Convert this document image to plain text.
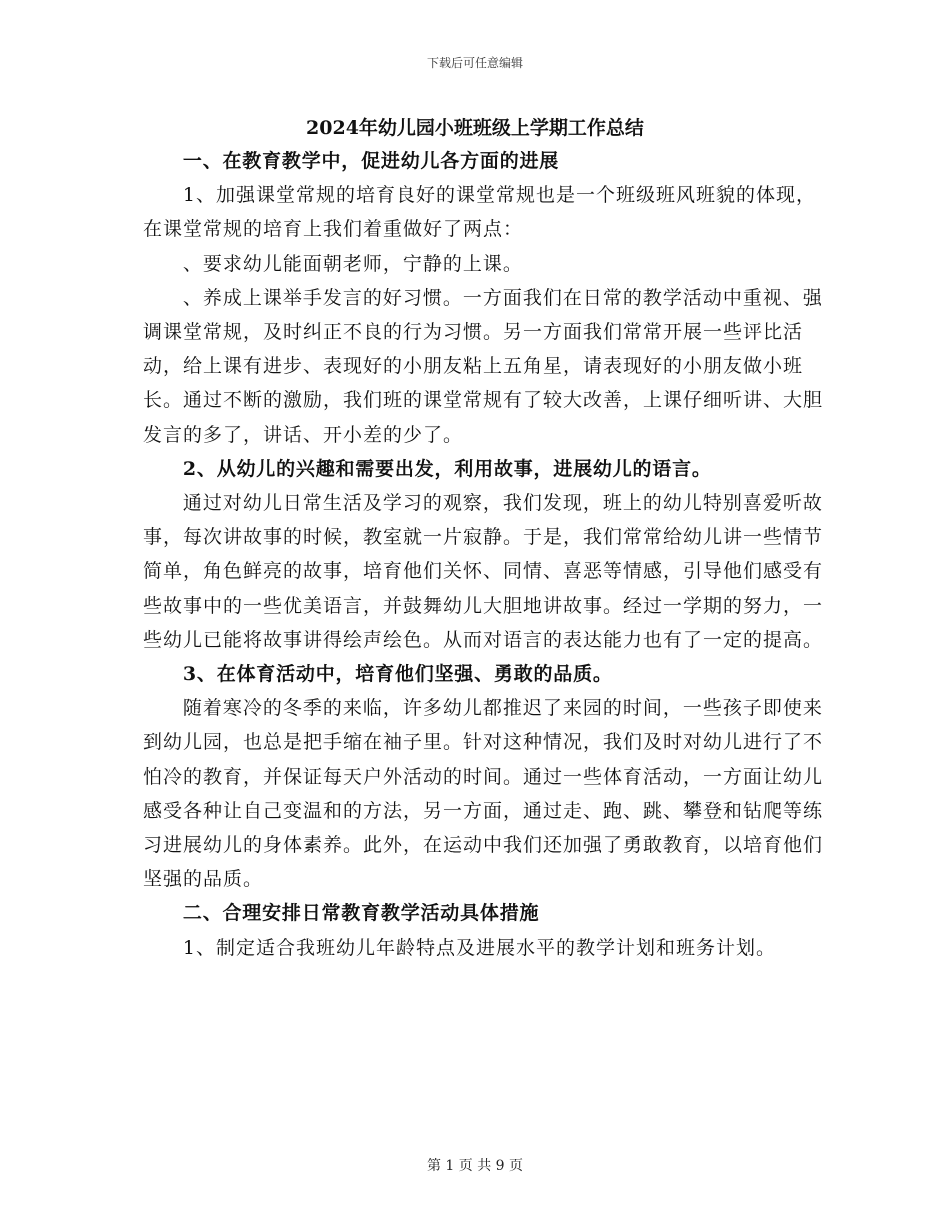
下载后可任意编辑
2024年幼儿园小班班级上学期工作总结

一、在教育教学中，促进幼儿各方面的进展

1、加强课堂常规的培育良好的课堂常规也是一个班级班风班貌的体现，在课堂常规的培育上我们着重做好了两点：

、要求幼儿能面朝老师，宁静的上课。

、养成上课举手发言的好习惯。一方面我们在日常的教学活动中重视、强调课堂常规，及时纠正不良的行为习惯。另一方面我们常常开展一些评比活动，给上课有进步、表现好的小朋友粘上五角星，请表现好的小朋友做小班长。通过不断的激励，我们班的课堂常规有了较大改善，上课仔细听讲、大胆发言的多了，讲话、开小差的少了。

2、从幼儿的兴趣和需要出发，利用故事，进展幼儿的语言。

通过对幼儿日常生活及学习的观察，我们发现，班上的幼儿特别喜爱听故事，每次讲故事的时候，教室就一片寂静。于是，我们常常给幼儿讲一些情节简单，角色鲜亮的故事，培育他们关怀、同情、喜恶等情感，引导他们感受有些故事中的一些优美语言，并鼓舞幼儿大胆地讲故事。经过一学期的努力，一些幼儿已能将故事讲得绘声绘色。从而对语言的表达能力也有了一定的提高。

3、在体育活动中，培育他们坚强、勇敢的品质。

随着寒冷的冬季的来临，许多幼儿都推迟了来园的时间，一些孩子即使来到幼儿园，也总是把手缩在袖子里。针对这种情况，我们及时对幼儿进行了不怕冷的教育，并保证每天户外活动的时间。通过一些体育活动，一方面让幼儿感受各种让自己变温和的方法，另一方面，通过走、跑、跳、攀登和钻爬等练习进展幼儿的身体素养。此外，在运动中我们还加强了勇敢教育，以培育他们坚强的品质。

二、合理安排日常教育教学活动具体措施

1、制定适合我班幼儿年龄特点及进展水平的教学计划和班务计划。

第 1 页 共 9 页
